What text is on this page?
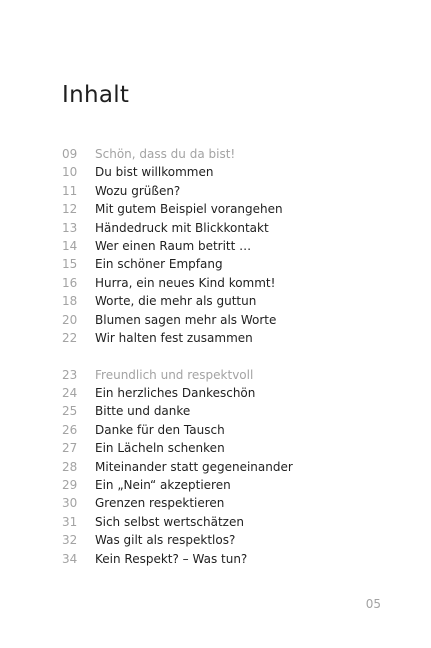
Inhalt
09	Schön, dass du da bist!
10	Du bist willkommen
11	Wozu grüßen?
12	Mit gutem Beispiel vorangehen
13	Händedruck mit Blickkontakt
14	Wer einen Raum betritt …
15	Ein schöner Empfang
16	Hurra, ein neues Kind kommt!
18	Worte, die mehr als guttun
20	Blumen sagen mehr als Worte
22	Wir halten fest zusammen
23	Freundlich und respektvoll
24	Ein herzliches Dankeschön
25	Bitte und danke
26	Danke für den Tausch
27	Ein Lächeln schenken
28	Miteinander statt gegeneinander
29	Ein „Nein“ akzeptieren
30	Grenzen respektieren
31	Sich selbst wertschätzen
32	Was gilt als respektlos?
34	Kein Respekt? – Was tun?
05
